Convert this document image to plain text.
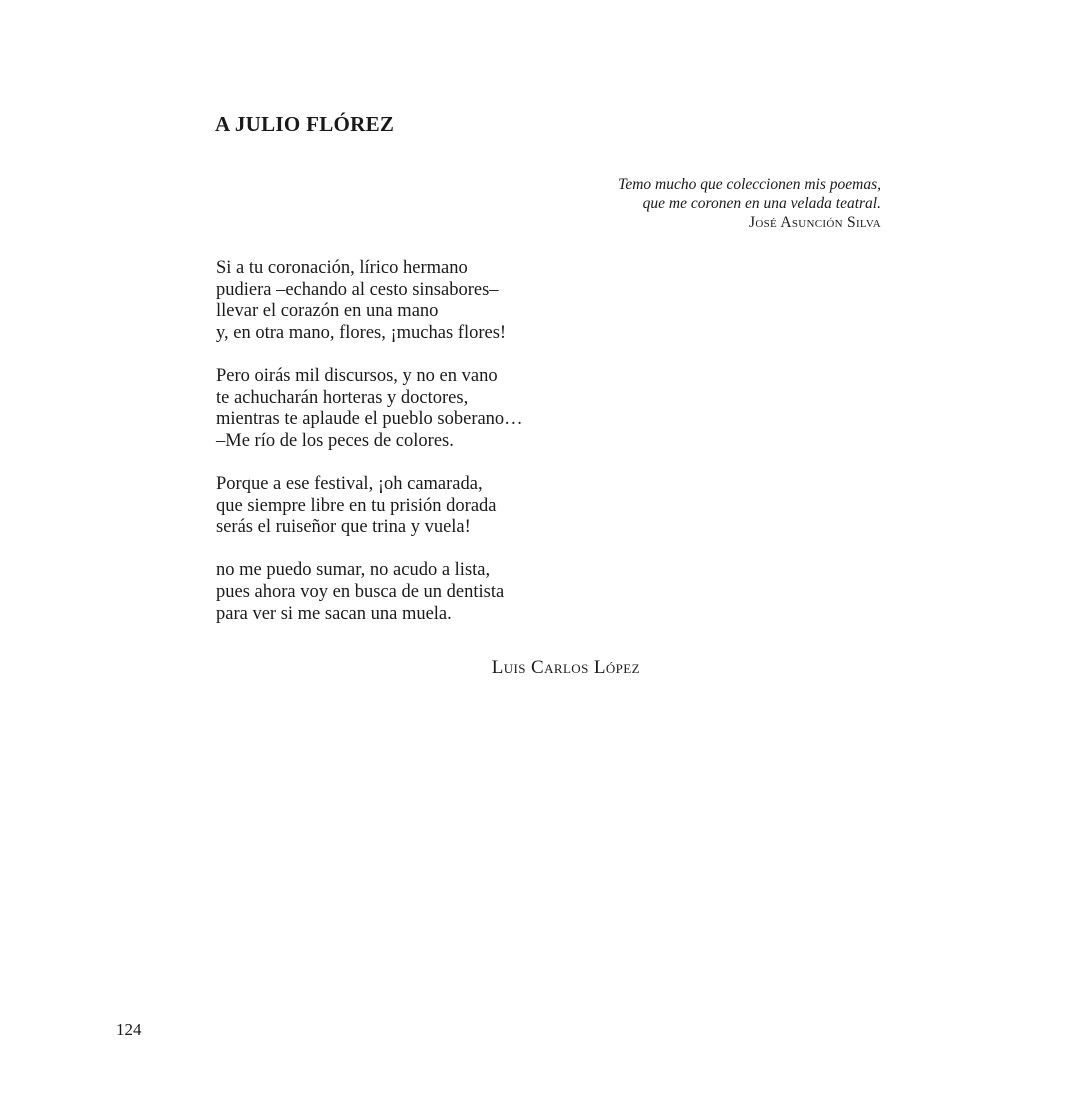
A JULIO FLÓREZ
Temo mucho que coleccionen mis poemas,
que me coronen en una velada teatral.
José Asunción Silva
Si a tu coronación, lírico hermano
pudiera –echando al cesto sinsabores–
llevar el corazón en una mano
y, en otra mano, flores, ¡muchas flores!
Pero oirás mil discursos, y no en vano
te achucharán horteras y doctores,
mientras te aplaude el pueblo soberano…
–Me río de los peces de colores.
Porque a ese festival, ¡oh camarada,
que siempre libre en tu prisión dorada
serás el ruiseñor que trina y vuela!
no me puedo sumar, no acudo a lista,
pues ahora voy en busca de un dentista
para ver si me sacan una muela.
Luis Carlos López
124
